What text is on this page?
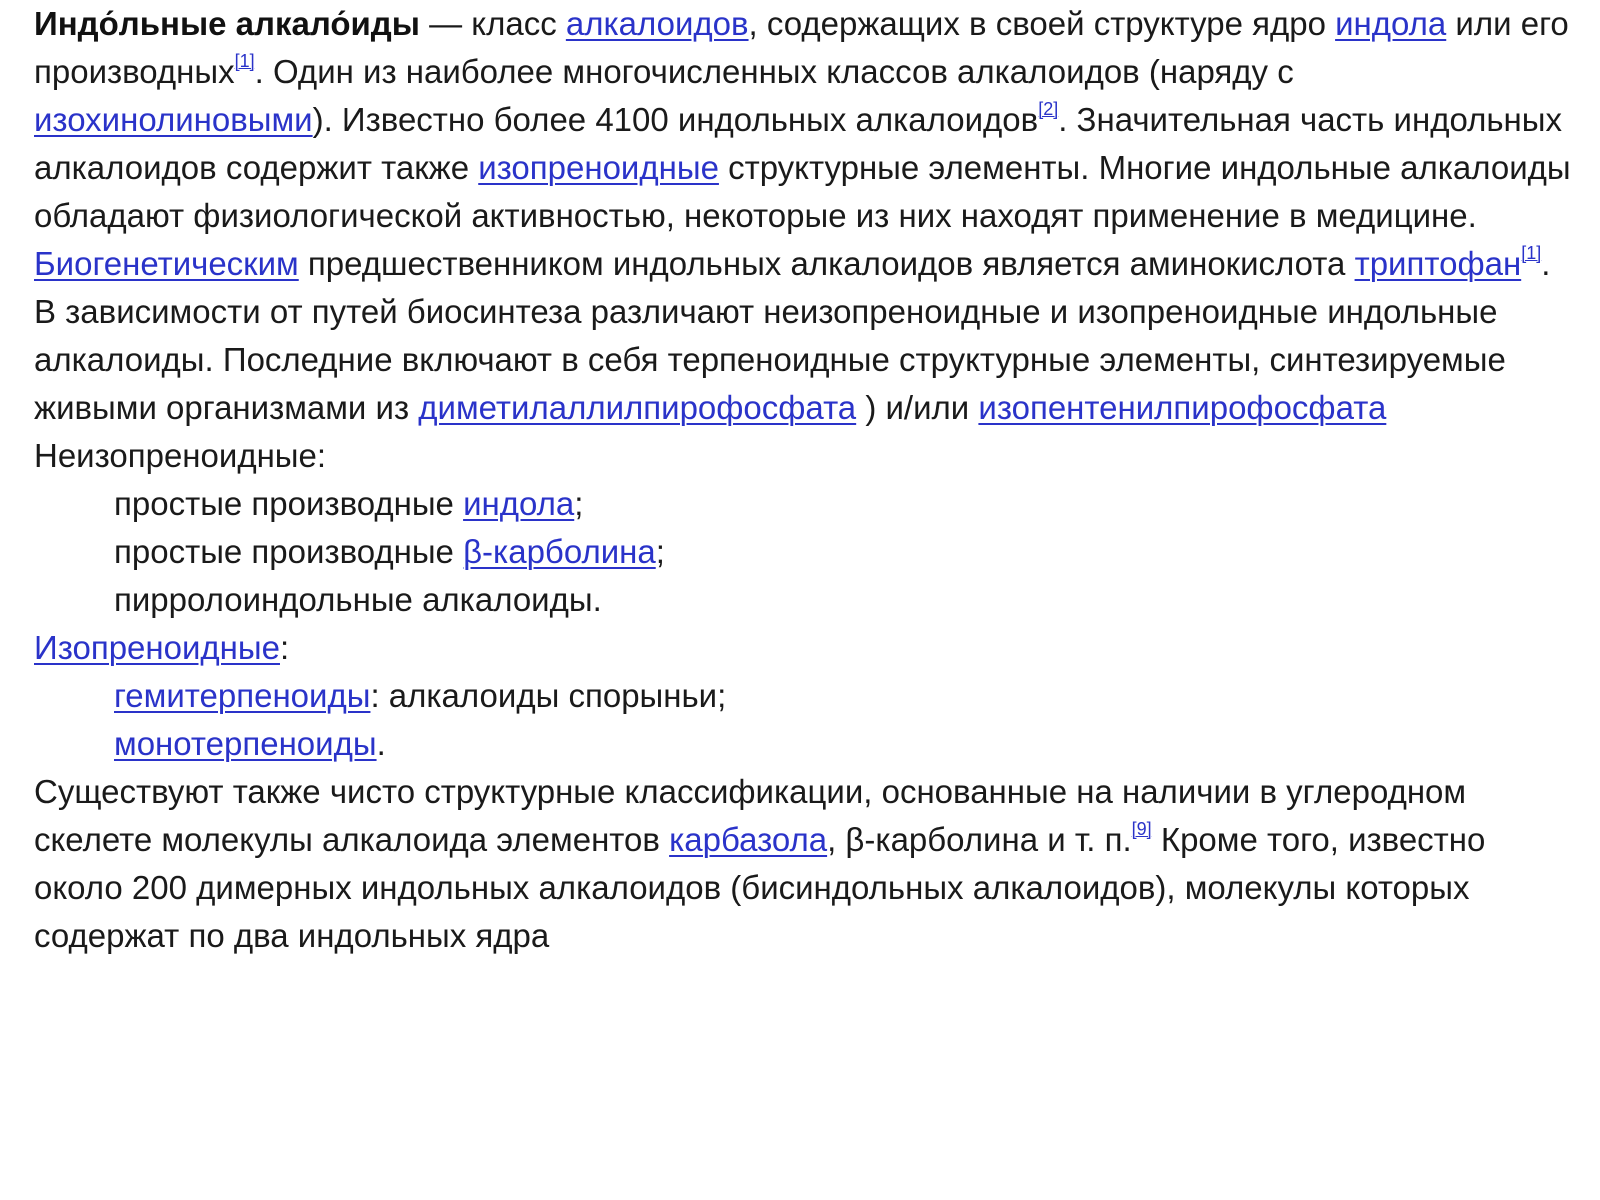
Индо́льные алкало́иды — класс алкалоидов, содержащих в своей структуре ядро индола или его производных[1]. Один из наиболее многочисленных классов алкалоидов (наряду с изохинолиновыми). Известно более 4100 индольных алкалоидов[2]. Значительная часть индольных алкалоидов содержит также изопреноидные структурные элементы. Многие индольные алкалоиды обладают физиологической активностью, некоторые из них находят применение в медицине. Биогенетическим предшественником индольных алкалоидов является аминокислота триптофан[1].

В зависимости от путей биосинтеза различают неизопреноидные и изопреноидные индольные алкалоиды. Последние включают в себя терпеноидные структурные элементы, синтезируемые живыми организмами из диметилаллилпирофосфата ) и/или изопентенилпирофосфата

Неизопреноидные:

простые производные индола;

простые производные β-карболина;

пирролоиндольные алкалоиды.

Изопреноидные:

гемитерпеноиды: алкалоиды спорыньи;

монотерпеноиды.

Существуют также чисто структурные классификации, основанные на наличии в углеродном скелете молекулы алкалоида элементов карбазола, β-карболина и т. п.[9] Кроме того, известно около 200 димерных индольных алкалоидов (бисиндольных алкалоидов), молекулы которых содержат по два индольных ядра
